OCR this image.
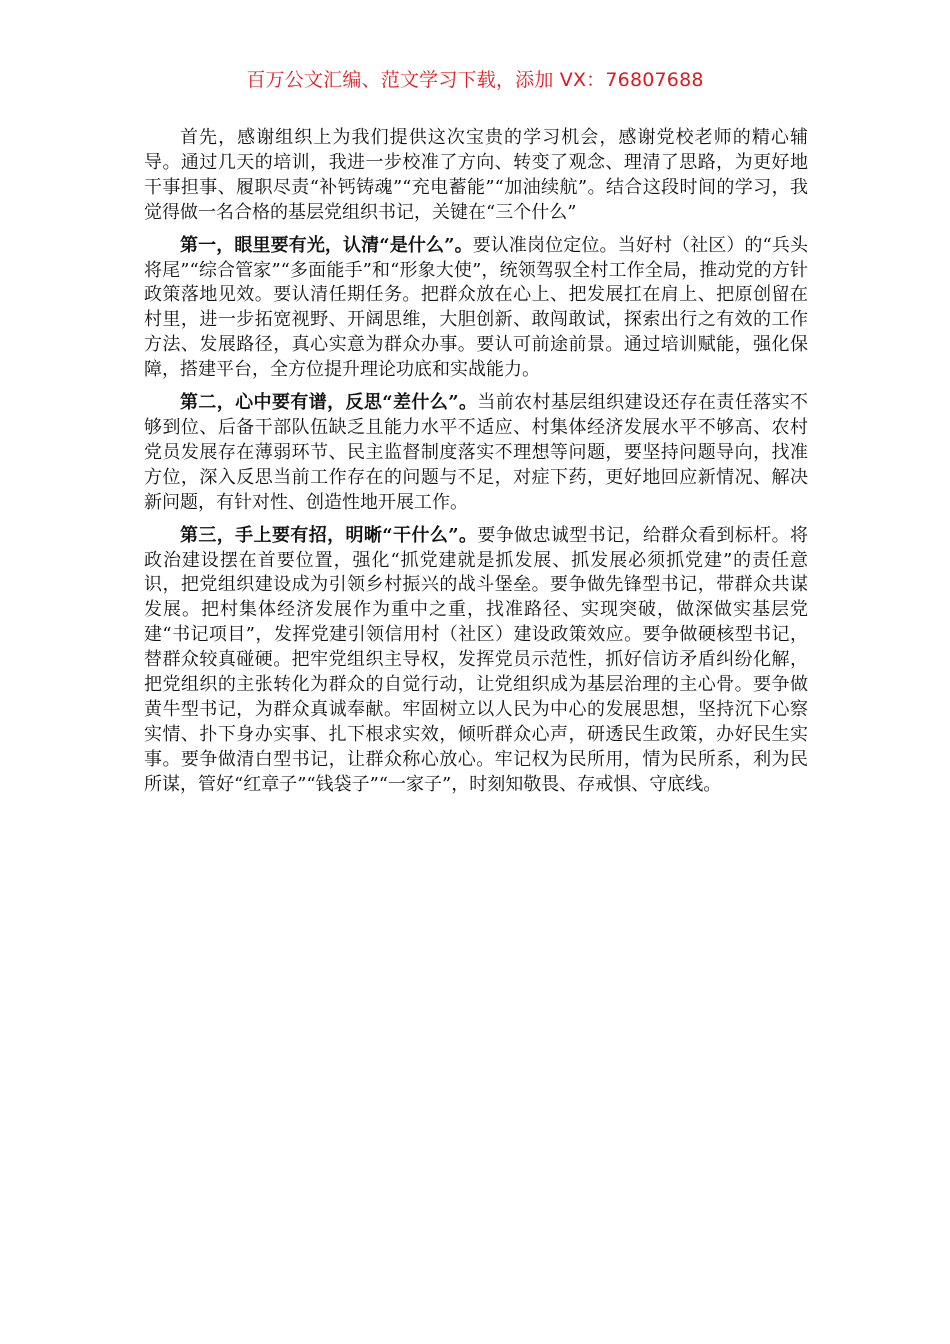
百万公文汇编、范文学习下载，添加 VX：76807688

首先，感谢组织上为我们提供这次宝贵的学习机会，感谢党校老师的精心辅导。通过几天的培训，我进一步校准了方向、转变了观念、理清了思路，为更好地干事担事、履职尽责“补钙铸魂”“充电蓄能”“加油续航”。结合这段时间的学习，我觉得做一名合格的基层党组织书记，关键在“三个什么”

第一，眼里要有光，认清“是什么”。要认准岗位定位。当好村（社区）的“兵头将尾”“综合管家”“多面能手”和“形象大使”，统领驾驭全村工作全局，推动党的方针政策落地见效。要认清任期任务。把群众放在心上、把发展扛在肩上、把原创留在村里，进一步拓宽视野、开阔思维，大胆创新、敢闯敢试，探索出行之有效的工作方法、发展路径，真心实意为群众办事。要认可前途前景。通过培训赋能，强化保障，搭建平台，全方位提升理论功底和实战能力。

第二，心中要有谱，反思“差什么”。当前农村基层组织建设还存在责任落实不够到位、后备干部队伍缺乏且能力水平不适应、村集体经济发展水平不够高、农村党员发展存在薄弱环节、民主监督制度落实不理想等问题，要坚持问题导向，找准方位，深入反思当前工作存在的问题与不足，对症下药，更好地回应新情况、解决新问题，有针对性、创造性地开展工作。

第三，手上要有招，明晰“干什么”。要争做忠诚型书记，给群众看到标杆。将政治建设摆在首要位置，强化“抓党建就是抓发展、抓发展必须抓党建”的责任意识，把党组织建设成为引领乡村振兴的战斗堡垒。要争做先锋型书记，带群众共谋发展。把村集体经济发展作为重中之重，找准路径、实现突破，做深做实基层党建“书记项目”，发挥党建引领信用村（社区）建设政策效应。要争做硬核型书记，替群众较真碰硬。把牢党组织主导权，发挥党员示范性，抓好信访矛盾纠纷化解，把党组织的主张转化为群众的自觉行动，让党组织成为基层治理的主心骨。要争做黄牛型书记，为群众真诚奉献。牢固树立以人民为中心的发展思想，坚持沉下心察实情、扑下身办实事、扎下根求实效，倾听群众心声，研透民生政策，办好民生实事。要争做清白型书记，让群众称心放心。牢记权为民所用，情为民所系，利为民所谋，管好“红章子”“钱袋子”“一家子”，时刻知敬畏、存戒惧、守底线。
